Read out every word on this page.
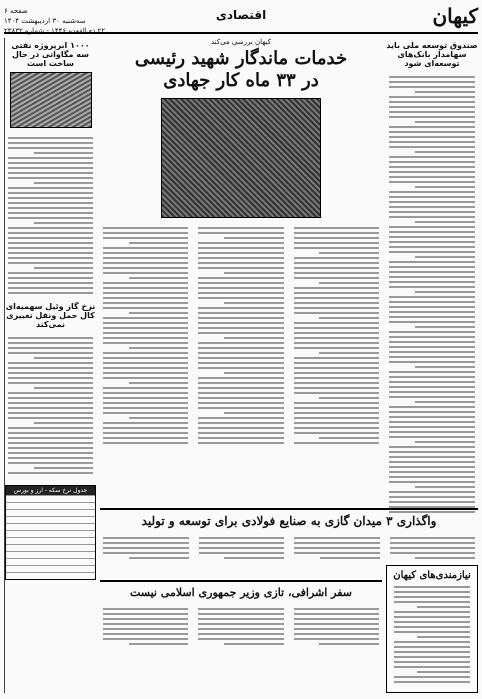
کیهان
اقتصادی
صفحه ۶
سه‌شنبه ۳۰ اردیبهشت ۱۴۰۴
۲۲ ذی‌القعده ۱۴۴۶ - شماره ۲۳۸۳۲
صندوق توسعه ملی باید سهامدار بانک‌های توسعه‌ای شود
کیهان بررسی می‌کند
خدمات ماندگار شهید رئیسی
در ۳۳ ماه کار جهادی
۱۰۰۰ ابرپروژه نفتی سه مگاواتی در حال ساخت است
نرخ گاز وئیل سهمیه‌ای کال‌ حمل‌ ونقل تغییری نمی‌کند
جدول نرخ سکه - ارز و بورس
واگذاری ۳ میدان گازی به صنایع فولادی برای توسعه و تولید
سفر اشرافی، تازی وزیر جمهوری اسلامی نیست
نیازمندی‌های کیهان
